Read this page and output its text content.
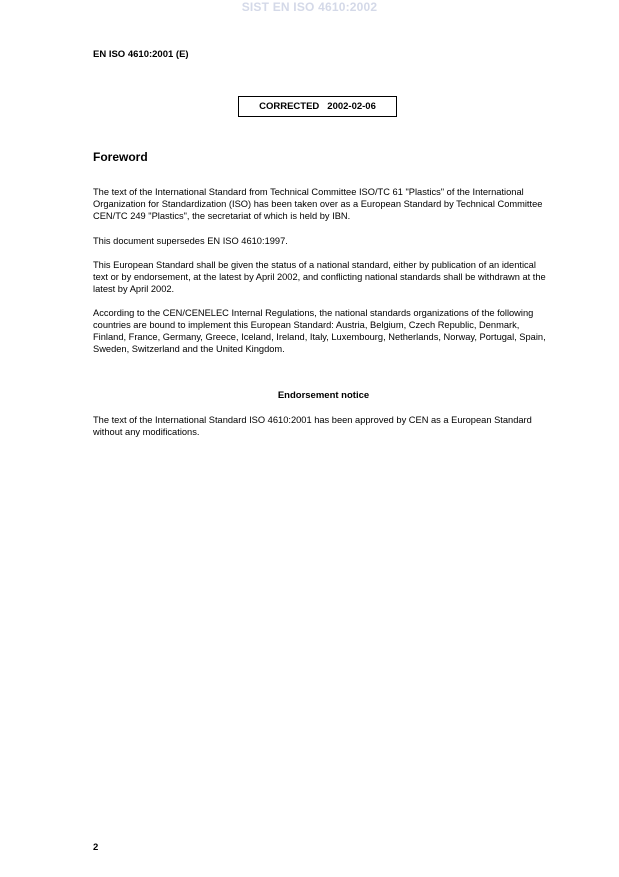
SIST EN ISO 4610:2002
EN ISO 4610:2001 (E)
CORRECTED 2002-02-06
Foreword
The text of the International Standard from Technical Committee ISO/TC 61 "Plastics" of the International Organization for Standardization (ISO) has been taken over as a European Standard by Technical Committee CEN/TC 249 "Plastics", the secretariat of which is held by IBN.
This document supersedes EN ISO 4610:1997.
This European Standard shall be given the status of a national standard, either by publication of an identical text or by endorsement, at the latest by April 2002, and conflicting national standards shall be withdrawn at the latest by April 2002.
According to the CEN/CENELEC Internal Regulations, the national standards organizations of the following countries are bound to implement this European Standard: Austria, Belgium, Czech Republic, Denmark, Finland, France, Germany, Greece, Iceland, Ireland, Italy, Luxembourg, Netherlands, Norway, Portugal, Spain, Sweden, Switzerland and the United Kingdom.
Endorsement notice
The text of the International Standard ISO 4610:2001 has been approved by CEN as a European Standard without any modifications.
2
